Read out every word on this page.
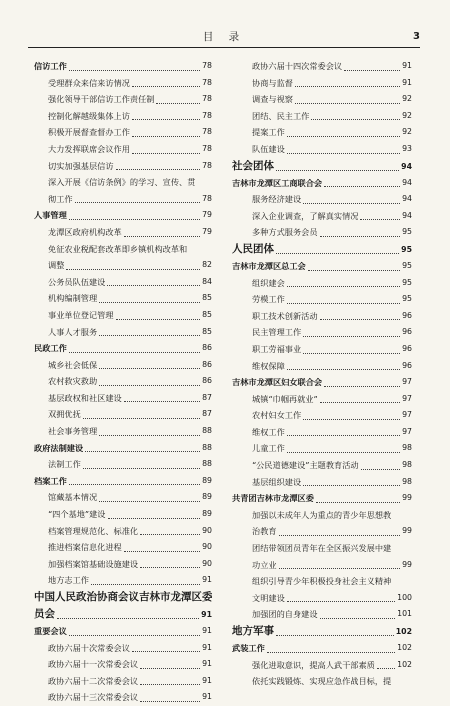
目 录	3
信访工作	78
受理群众来信来访情况	78
强化领导干部信访工作责任制	78
控制化解越级集体上访	78
积极开展督查督办工作	78
大力发挥联席会议作用	78
切实加强基层信访	78
深入开展《信访条例》的学习、宣传、贯
彻工作	78
人事管理	79
龙潭区政府机构改革	79
免征农业税配套改革即乡镇机构改革和
调整	82
公务员队伍建设	84
机构编制管理	85
事业单位登记管理	85
人事人才服务	85
民政工作	86
城乡社会低保	86
农村救灾救助	86
基层政权和社区建设	87
双拥优抚	87
社会事务管理	88
政府法制建设	88
法制工作	88
档案工作	89
馆藏基本情况	89
“四个基地”建设	89
档案管理规范化、标准化	90
推进档案信息化进程	90
加强档案馆基础设施建设	90
地方志工作	91
中国人民政治协商会议吉林市龙潭区委
员会	91
重要会议	91
政协六届十次常委会议	91
政协六届十一次常委会议	91
政协六届十二次常委会议	91
政协六届十三次常委会议	91
政协六届十四次常委会议	91
协商与监督	91
调查与视察	92
团结、民主工作	92
提案工作	92
队伍建设	93
社会团体	94
吉林市龙潭区工商联合会	94
服务经济建设	94
深入企业调查，了解真实情况	94
多种方式服务会员	95
人民团体	95
吉林市龙潭区总工会	95
组织建会	95
劳模工作	95
职工技术创新活动	96
民主管理工作	96
职工劳福事业	96
维权保障	96
吉林市龙潭区妇女联合会	97
城镇“巾帼再就业”	97
农村妇女工作	97
维权工作	97
儿童工作	98
“公民道德建设”主题教育活动	98
基层组织建设	98
共青团吉林市龙潭区委	99
加强以未成年人为重点的青少年思想教
治教育	99
团结带领团员青年在全区振兴发展中建
功立业	99
组织引导青少年积极投身社会主义精神
文明建设	100
加强团的自身建设	101
地方军事	102
武装工作	102
强化进取意识，提高人武干部素质	102
依托实践锻炼、实现应急作战目标，提
